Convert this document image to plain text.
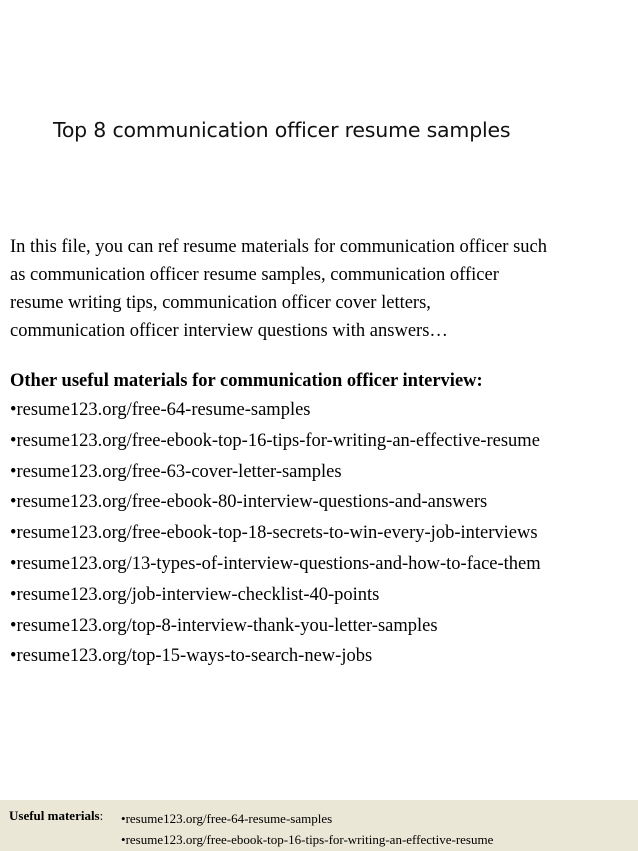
Top 8 communication officer resume samples

In this file, you can ref resume materials for communication officer such
as communication officer resume samples, communication officer
resume writing tips, communication officer cover letters,
communication officer interview questions with answers…

Other useful materials for communication officer interview:

• resume123.org/free-64-resume-samples
• resume123.org/free-ebook-top-16-tips-for-writing-an-effective-resume
• resume123.org/free-63-cover-letter-samples
• resume123.org/free-ebook-80-interview-questions-and-answers
• resume123.org/free-ebook-top-18-secrets-to-win-every-job-interviews
• resume123.org/13-types-of-interview-questions-and-how-to-face-them
• resume123.org/job-interview-checklist-40-points
• resume123.org/top-8-interview-thank-you-letter-samples
• resume123.org/top-15-ways-to-search-new-jobs
Useful materials:
•	resume123.org/free-64-resume-samples
• resume123.org/free-ebook-top-16-tips-for-writing-an-effective-resume
